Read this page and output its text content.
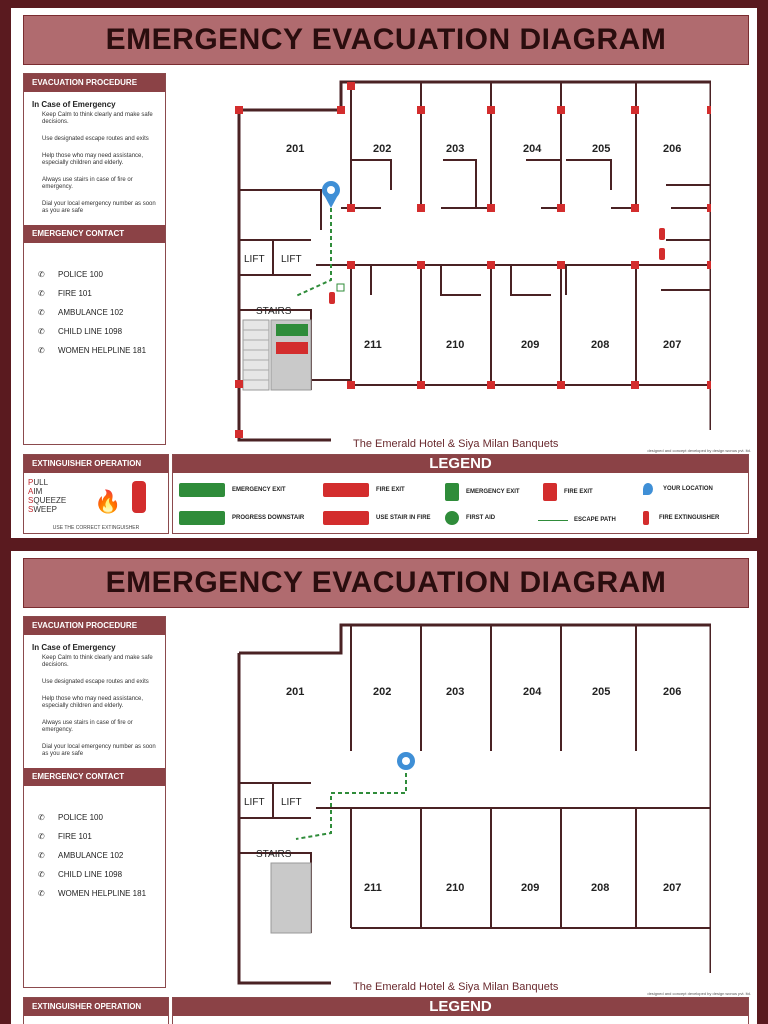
EMERGENCY EVACUATION DIAGRAM
EVACUATION PROCEDURE
In Case of Emergency
Keep Calm to think clearly and make safe decisions.
Use designated escape routes and exits
Help those who may need assistance, especially children and elderly.
Always use stairs in case of fire or emergency.
Dial your local emergency number as soon as you are safe
EMERGENCY CONTACT
✆	POLICE 100
✆	FIRE 101
✆	AMBULANCE 102
✆	CHILD LINE 1098
✆	WOMEN HELPLINE 181
201	202	203	204	205	206
211	210	209	208	207
LIFT LIFT
STAIRS
The Emerald Hotel & Siya Milan Banquets
designed and concept developed by design wonus pvt. ltd.
EXTINGUISHER OPERATION
PULL
AIM
SQUEEZE
SWEEP	🔥
USE THE CORRECT EXTINGUISHER
LEGEND
EMERGENCY EXIT	FIRE EXIT	EMERGENCY EXIT	FIRE EXIT	YOUR LOCATION
PROGRESS DOWNSTAIR	USE STAIR IN FIRE	FIRST AID	ESCAPE PATH	FIRE EXTINGUISHER
EMERGENCY EVACUATION DIAGRAM
EVACUATION PROCEDURE
In Case of Emergency
Keep Calm to think clearly and make safe decisions.
Use designated escape routes and exits
Help those who may need assistance, especially children and elderly.
Always use stairs in case of fire or emergency.
Dial your local emergency number as soon as you are safe
EMERGENCY CONTACT
✆	POLICE 100
✆	FIRE 101
✆	AMBULANCE 102
✆	CHILD LINE 1098
✆	WOMEN HELPLINE 181
201	202	203	204	205	206
211	210	209	208	207
LIFT LIFT
STAIRS
The Emerald Hotel & Siya Milan Banquets
designed and concept developed by design wonus pvt. ltd.
EXTINGUISHER OPERATION	LEGEND
